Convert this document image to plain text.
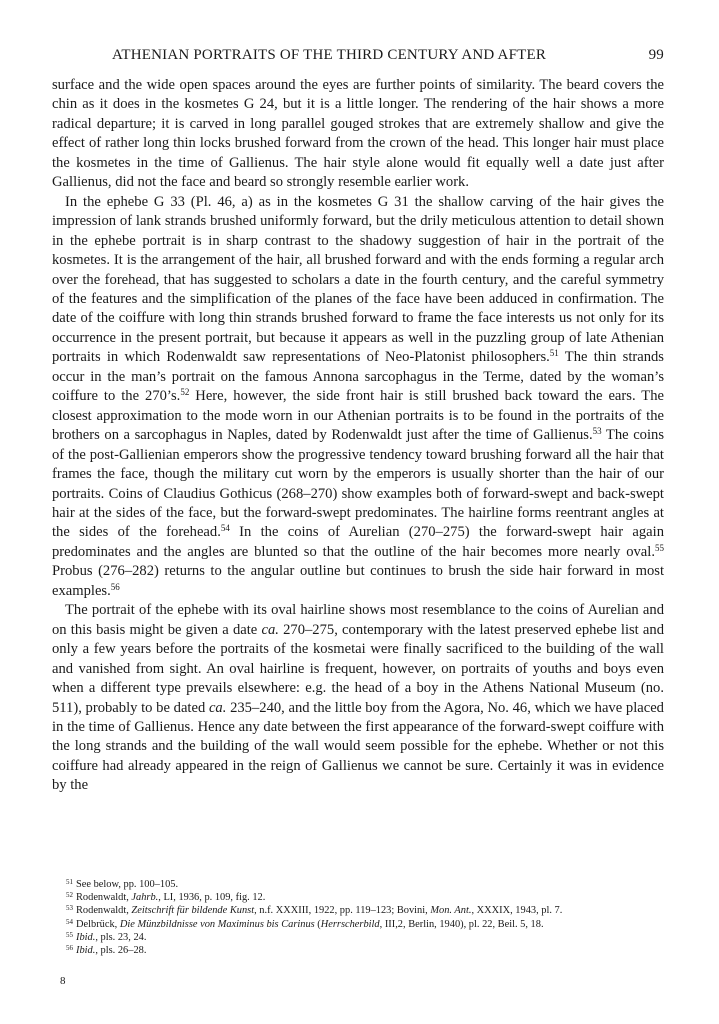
ATHENIAN PORTRAITS OF THE THIRD CENTURY AND AFTER	99

surface and the wide open spaces around the eyes are further points of similarity. The beard covers the chin as it does in the kosmetes G 24, but it is a little longer. The rendering of the hair shows a more radical departure; it is carved in long parallel gouged strokes that are extremely shallow and give the effect of rather long thin locks brushed forward from the crown of the head. This longer hair must place the kosmetes in the time of Gallienus. The hair style alone would fit equally well a date just after Gallienus, did not the face and beard so strongly resemble earlier work.

In the ephebe G 33 (Pl. 46, a) as in the kosmetes G 31 the shallow carving of the hair gives the impression of lank strands brushed uniformly forward, but the drily meticulous attention to detail shown in the ephebe portrait is in sharp contrast to the shadowy suggestion of hair in the portrait of the kosmetes. It is the arrangement of the hair, all brushed forward and with the ends forming a regular arch over the forehead, that has suggested to scholars a date in the fourth century, and the careful symmetry of the features and the simplification of the planes of the face have been adduced in confirmation. The date of the coiffure with long thin strands brushed forward to frame the face interests us not only for its occurrence in the present portrait, but because it appears as well in the puzzling group of late Athenian portraits in which Rodenwaldt saw representations of Neo-Platonist philosophers.$^{51}$ The thin strands occur in the man’s portrait on the famous Annona sarcophagus in the Terme, dated by the woman’s coiffure to the 270’s.$^{52}$ Here, however, the side front hair is still brushed back toward the ears. The closest approximation to the mode worn in our Athenian portraits is to be found in the portraits of the brothers on a sarcophagus in Naples, dated by Rodenwaldt just after the time of Gallienus.$^{53}$ The coins of the post-Gallienian emperors show the progressive tendency toward brushing forward all the hair that frames the face, though the military cut worn by the emperors is usually shorter than the hair of our portraits. Coins of Claudius Gothicus (268–270) show examples both of forward-swept and back-swept hair at the sides of the face, but the forward-swept predominates. The hairline forms reentrant angles at the sides of the forehead.$^{54}$ In the coins of Aurelian (270–275) the forward-swept hair again predominates and the angles are blunted so that the outline of the hair becomes more nearly oval.$^{55}$ Probus (276–282) returns to the angular outline but continues to brush the side hair forward in most examples.$^{56}$

The portrait of the ephebe with its oval hairline shows most resemblance to the coins of Aurelian and on this basis might be given a date ca. 270–275, contemporary with the latest preserved ephebe list and only a few years before the portraits of the kosmetai were finally sacrificed to the building of the wall and vanished from sight. An oval hairline is frequent, however, on portraits of youths and boys even when a different type prevails elsewhere: e.g. the head of a boy in the Athens National Museum (no. 511), probably to be dated ca. 235–240, and the little boy from the Agora, No. 46, which we have placed in the time of Gallienus. Hence any date between the first appearance of the forward-swept coiffure with the long strands and the building of the wall would seem possible for the ephebe. Whether or not this coiffure had already appeared in the reign of Gallienus we cannot be sure. Certainly it was in evidence by the

$^{51}$ See below, pp. 100–105.
$^{52}$ Rodenwaldt, Jahrb., LI, 1936, p. 109, fig. 12.
$^{53}$ Rodenwaldt, Zeitschrift für bildende Kunst, n.f. XXXIII, 1922, pp. 119–123; Bovini, Mon. Ant., XXXIX, 1943, pl. 7.
$^{54}$ Delbrück, Die Münzbildnisse von Maximinus bis Carinus (Herrscherbild, III,2, Berlin, 1940), pl. 22, Beil. 5, 18.
$^{55}$ Ibid., pls. 23, 24.
$^{56}$ Ibid., pls. 26–28.
8
